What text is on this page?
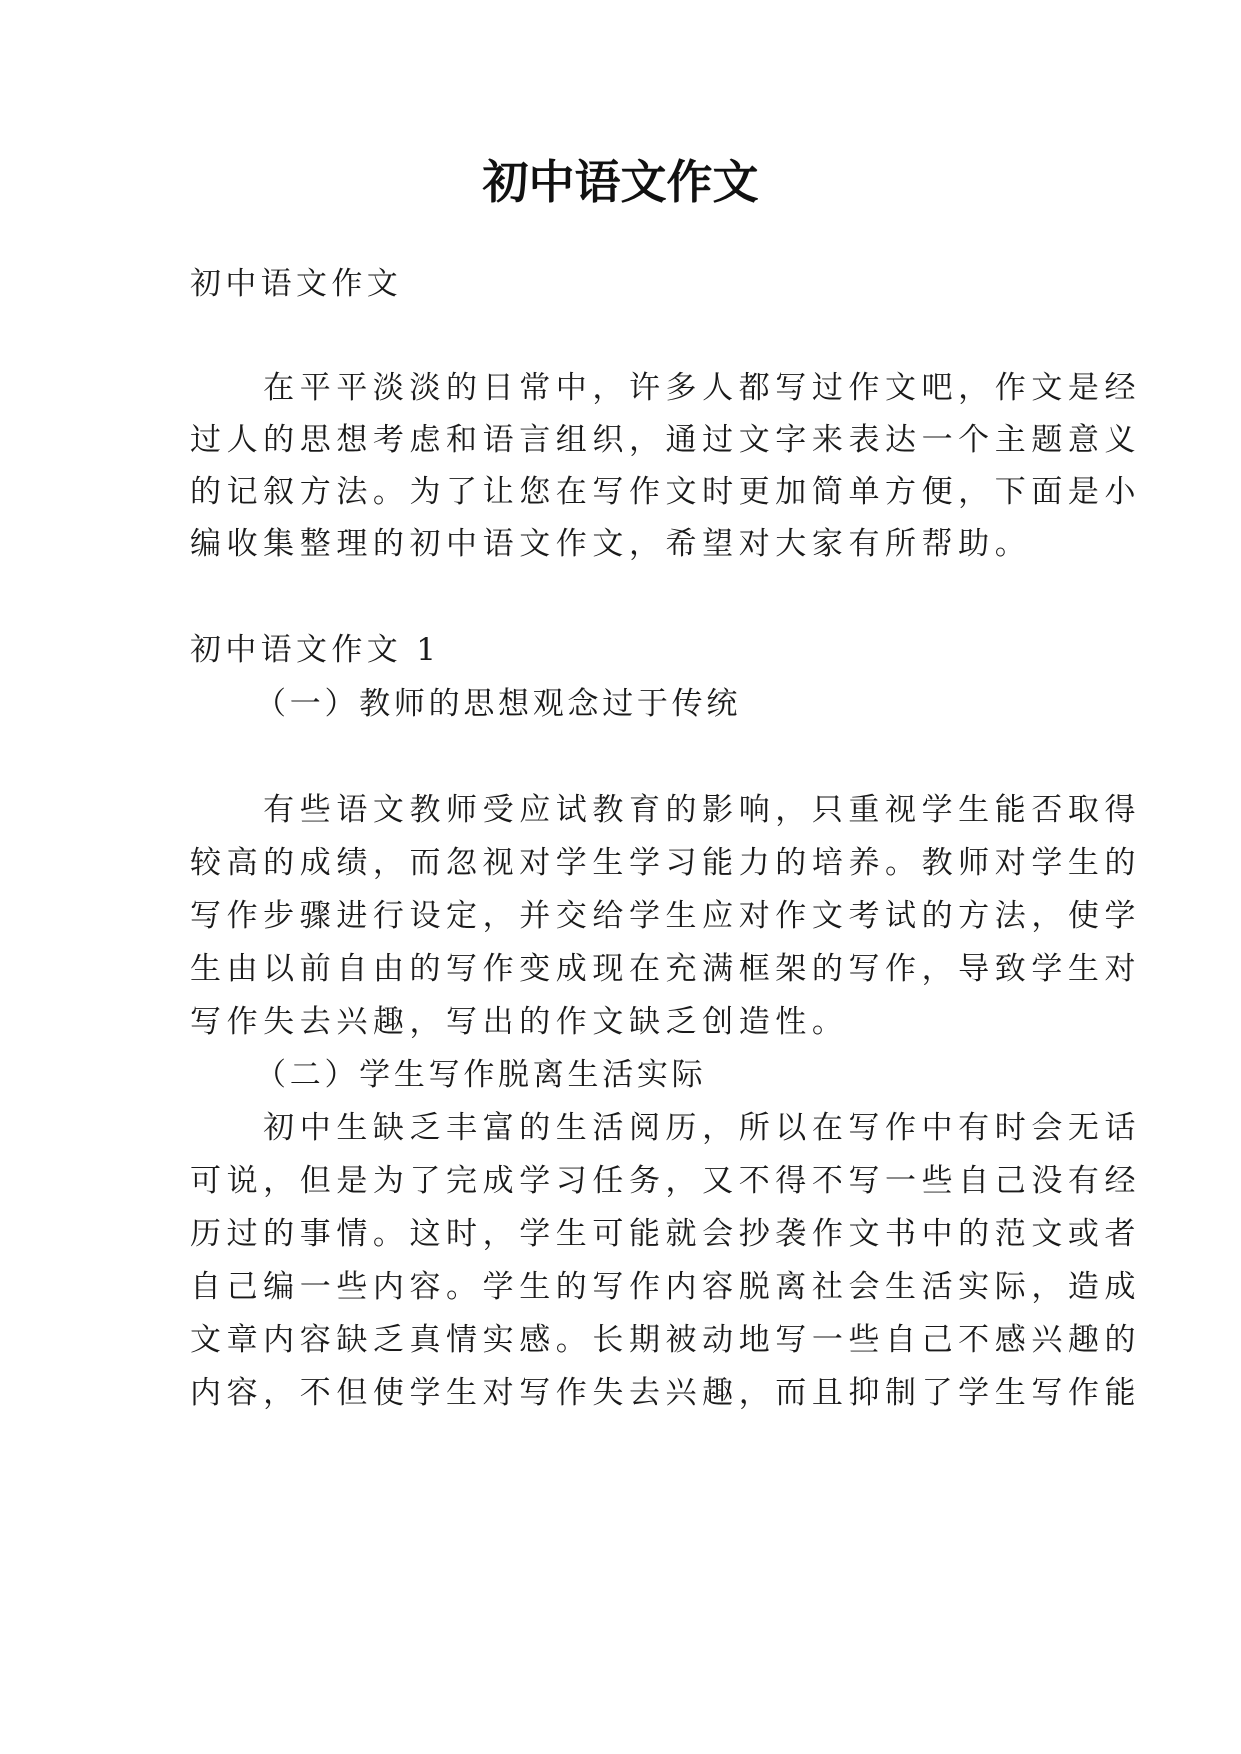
初中语文作文

初中语文作文

在平平淡淡的日常中，许多人都写过作文吧，作文是经

过人的思想考虑和语言组织，通过文字来表达一个主题意义

的记叙方法。为了让您在写作文时更加简单方便，下面是小

编收集整理的初中语文作文，希望对大家有所帮助。

初中语文作文 1

（一）教师的思想观念过于传统

有些语文教师受应试教育的影响，只重视学生能否取得

较高的成绩，而忽视对学生学习能力的培养。教师对学生的

写作步骤进行设定，并交给学生应对作文考试的方法，使学

生由以前自由的写作变成现在充满框架的写作，导致学生对

写作失去兴趣，写出的作文缺乏创造性。

（二）学生写作脱离生活实际

初中生缺乏丰富的生活阅历，所以在写作中有时会无话

可说，但是为了完成学习任务，又不得不写一些自己没有经

历过的事情。这时，学生可能就会抄袭作文书中的范文或者

自己编一些内容。学生的写作内容脱离社会生活实际，造成

文章内容缺乏真情实感。长期被动地写一些自己不感兴趣的

内容，不但使学生对写作失去兴趣，而且抑制了学生写作能
